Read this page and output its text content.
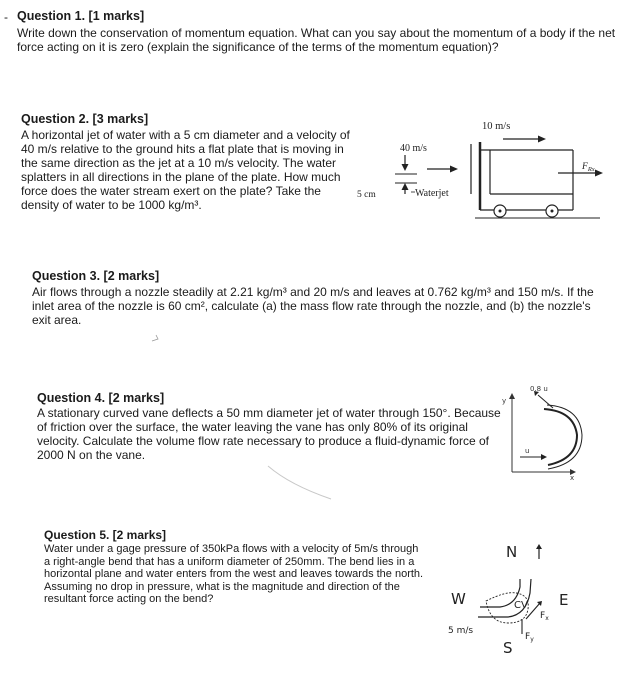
- Question 1. [1 marks]
Write down the conservation of momentum equation. What can you say about the momentum of a body if the net force acting on it is zero (explain the significance of the terms of the momentum equation)?
Question 2. [3 marks]
A horizontal jet of water with a 5 cm diameter and a velocity of 40 m/s relative to the ground hits a flat plate that is moving in the same direction as the jet at a 10 m/s velocity. The water splatters in all directions in the plane of the plate. How much force does the water stream exert on the plate? Take the density of water to be 1000 kg/m³.
10 m/s
$F_{Rx}$
40 m/s
5 cm	Waterjet
Question 3. [2 marks]
Air flows through a nozzle steadily at 2.21 kg/m³ and 20 m/s and leaves at 0.762 kg/m³ and 150 m/s. If the inlet area of the nozzle is 60 cm², calculate (a) the mass flow rate through the nozzle, and (b) the nozzle's exit area.
Question 4. [2 marks]
A stationary curved vane deflects a 50 mm diameter jet of water through 150°. Because of friction over the surface, the water leaving the vane has only 80% of its original velocity. Calculate the volume flow rate necessary to produce a fluid-dynamic force of 2000 N on the vane.
y
x
0.8 u
u
Question 5. [2 marks]
Water under a gage pressure of 350kPa flows with a velocity of 5m/s through a right-angle bend that has a uniform diameter of 250mm. The bend lies in a horizontal plane and water enters from the west and leaves towards the north. Assuming no drop in pressure, what is the magnitude and direction of the resultant force acting on the bend?
N
W	E
S
CV
$F_x$
$F_y$
5 m/s
